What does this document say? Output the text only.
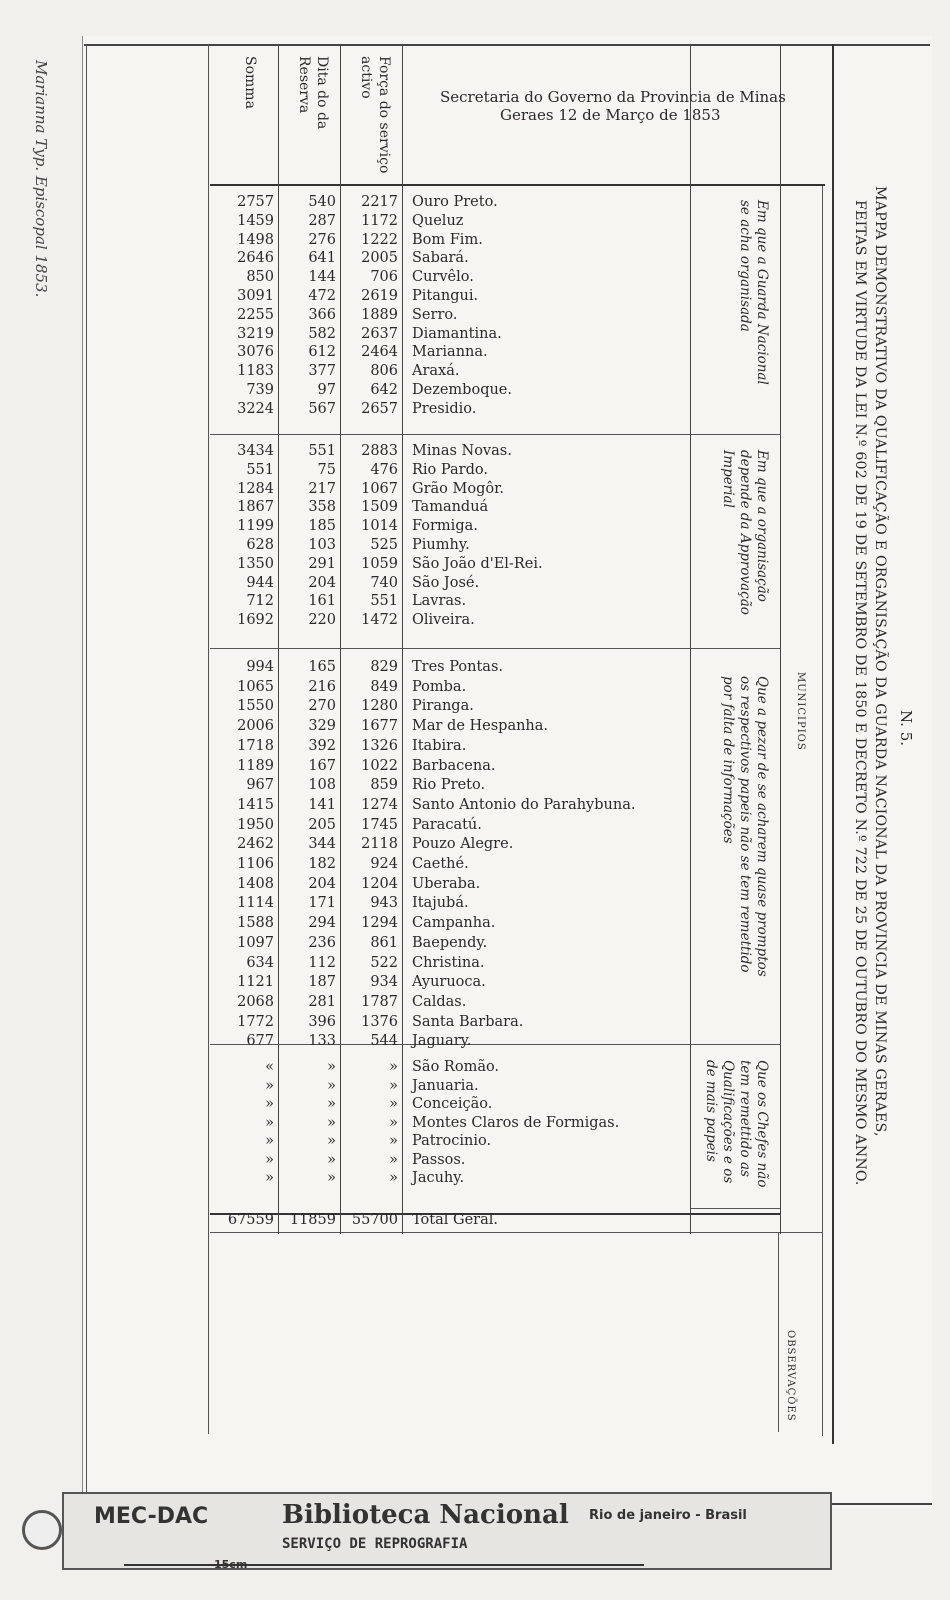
Marianna Typ. Episcopal 1853.
MAPPA DEMONSTRATIVO DA QUALIFICAÇÃO E ORGANISAÇÃO DA GUARDA NACIONAL DA PROVINCIA DE MINAS GERAES,
FEITAS EM VIRTUDE DA LEI N.º 602 DE 19 DE SETEMBRO DE 1850 E DECRETO N.º 722 DE 25 DE OUTUBRO DO MESMO ANNO. N. 5.
Secretaria do Governo da Provincia de Minas
Geraes 12 de Março de 1853
Força do serviço
activo
Dita do da
Reserva
Somma
Em que a Guarda Nacional
se acha organisada
Em que a organisação
depende da Approvação
Imperial
Que a pezar de se acharem quase promptos
os respectivos papeis não se tem remettido
por falta de informações
Que os Chefes não
tem remettido as
Qualificações e os
de mais papeis
MUNICIPIOS
OBSERVAÇÕES
2757	540	2217 Ouro Preto.
1459	287	1172 Queluz
1498	276	1222 Bom Fim.
2646	641	2005 Sabará.
850	144	706 Curvêlo.
3091	472	2619 Pitangui.
2255	366	1889 Serro.
3219	582	2637 Diamantina.
3076	612	2464 Marianna.
1183	377	806 Araxá.
739	97	642 Dezemboque.
3224	567	2657 Presidio.
3434	551	2883 Minas Novas.
551	75	476 Rio Pardo.
1284	217	1067 Grão Mogôr.
1867	358	1509 Tamanduá
1199	185	1014 Formiga.
628	103	525 Piumhy.
1350	291	1059 São João d'El-Rei.
944	204	740 São José.
712	161	551 Lavras.
1692	220	1472 Oliveira.
994	165	829 Tres Pontas.
1065	216	849 Pomba.
1550	270	1280 Piranga.
2006	329	1677 Mar de Hespanha.
1718	392	1326 Itabira.
1189	167	1022 Barbacena.
967	108	859 Rio Preto.
1415	141	1274 Santo Antonio do Parahybuna.
1950	205	1745 Paracatú.
2462	344	2118 Pouzo Alegre.
1106	182	924 Caethé.
1408	204	1204 Uberaba.
1114	171	943 Itajubá.
1588	294	1294 Campanha.
1097	236	861 Baependy.
634	112	522 Christina.
1121	187	934 Ayuruoca.
2068	281	1787 Caldas.
1772	396	1376 Santa Barbara.
677	133	544 Jaguary.
«	»	» São Romão.
»	»	» Januaria.
»	»	» Conceição.
»	»	» Montes Claros de Formigas.
»	»	» Patrocinio.
»	»	» Passos.
»	»	» Jacuhy.
67559	11859	55700 Total Geral.
MEC-DAC	Biblioteca Nacional Rio de janeiro - Brasil
SERVIÇO DE REPROGRAFIA
15cm
